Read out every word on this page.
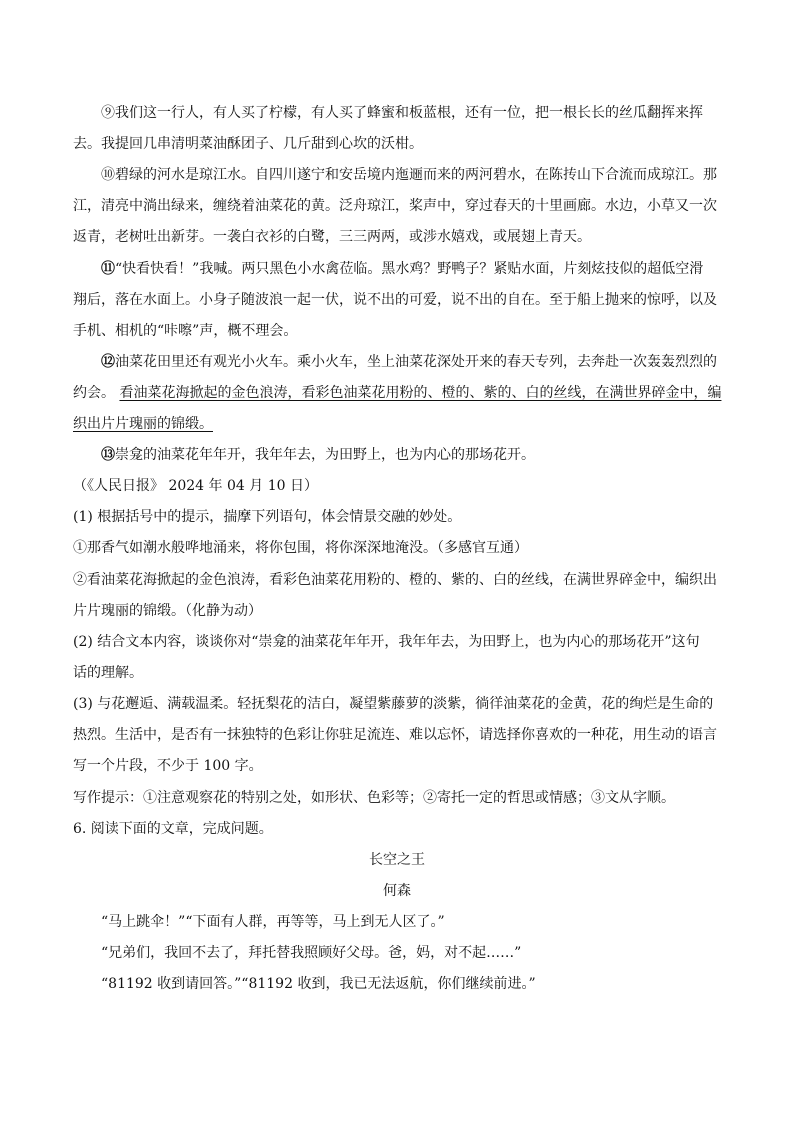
⑨我们这一行人，有人买了柠檬，有人买了蜂蜜和板蓝根，还有一位，把一根长长的丝瓜翻挥来挥
去。我提回几串清明菜油酥团子、几斤甜到心坎的沃柑。
⑩碧绿的河水是琼江水。自四川遂宁和安岳境内迤逦而来的两河碧水，在陈抟山下合流而成琼江。那
江，清亮中淌出绿来，缠绕着油菜花的黄。泛舟琼江，桨声中，穿过春天的十里画廊。水边，小草又一次
返青，老树吐出新芽。一袭白衣衫的白鹭，三三两两，或涉水嬉戏，或展翅上青天。
⑪“快看快看！”我喊。两只黑色小水禽莅临。黑水鸡？野鸭子？紧贴水面，片刻炫技似的超低空滑
翔后，落在水面上。小身子随波浪一起一伏，说不出的可爱，说不出的自在。至于船上抛来的惊呼，以及
手机、相机的“咔嚓”声，概不理会。
⑫油菜花田里还有观光小火车。乘小火车，坐上油菜花深处开来的春天专列，去奔赴一次轰轰烈烈的
约会。 看油菜花海掀起的金色浪涛，看彩色油菜花用粉的、橙的、紫的、白的丝线，在满世界碎金中，编
织出片片瑰丽的锦缎。
⑬崇龛的油菜花年年开，我年年去，为田野上，也为内心的那场花开。
（《人民日报》 2024 年 04 月 10 日）
(1) 根据括号中的提示，揣摩下列语句，体会情景交融的妙处。
①那香气如潮水般哗地涌来，将你包围，将你深深地淹没。（多感官互通）
②看油菜花海掀起的金色浪涛，看彩色油菜花用粉的、橙的、紫的、白的丝线，在满世界碎金中，编织出
片片瑰丽的锦缎。（化静为动）
(2) 结合文本内容，谈谈你对“崇龛的油菜花年年开，我年年去，为田野上，也为内心的那场花开”这句
话的理解。
(3) 与花邂逅、满载温柔。轻抚梨花的洁白，凝望紫藤萝的淡紫，徜徉油菜花的金黄，花的绚烂是生命的
热烈。生活中，是否有一抹独特的色彩让你驻足流连、难以忘怀，请选择你喜欢的一种花，用生动的语言
写一个片段，不少于 100 字。
写作提示：①注意观察花的特别之处，如形状、色彩等；②寄托一定的哲思或情感；③文从字顺。
6. 阅读下面的文章，完成问题。
长空之王
何森
“马上跳伞！”“下面有人群，再等等，马上到无人区了。”
“兄弟们，我回不去了，拜托替我照顾好父母。爸，妈，对不起……”
“81192 收到请回答。”“81192 收到，我已无法返航，你们继续前进。”
